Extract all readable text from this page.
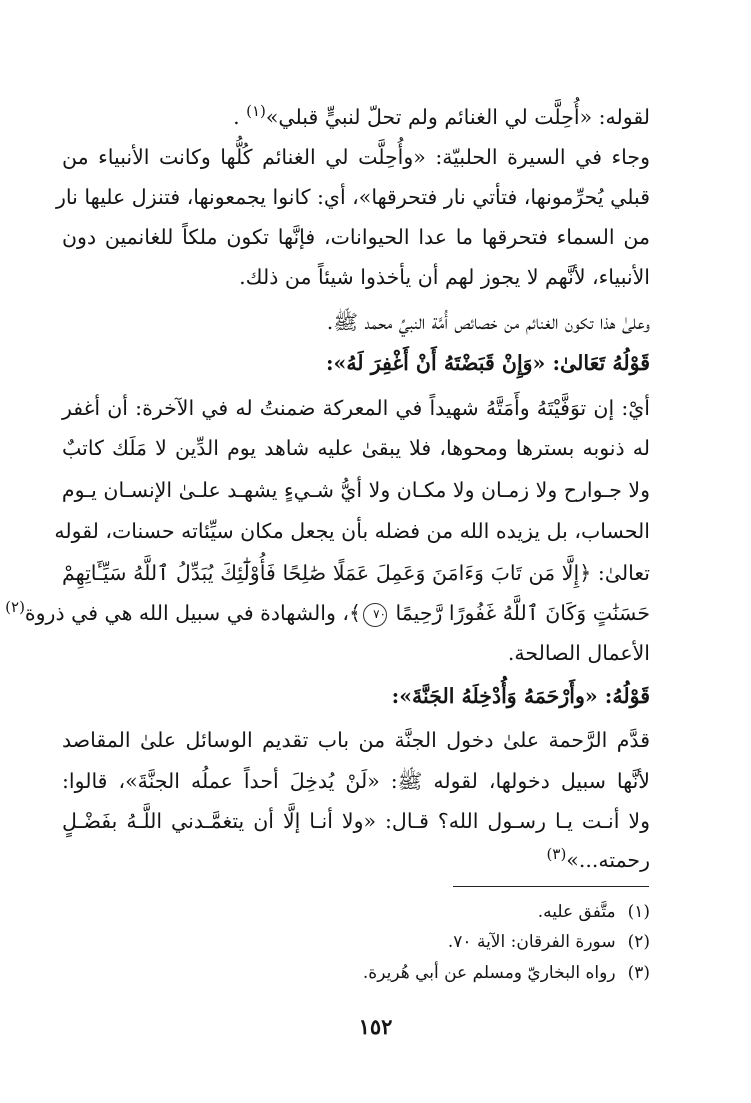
لقوله: «أُحِلَّت لي الغنائم ولم تحلّ لنبيٍّ قبلي»$^{(١)}$ .
وجاء في السيرة الحلبيّة: «وأُحِلَّت لي الغنائم كُلُّها وكانت الأنبياء من
قبلي يُحرِّمونها، فتأتي نار فتحرقها»، أي: كانوا يجمعونها، فتنزل عليها نار
من السماء فتحرقها ما عدا الحيوانات، فإنَّها تكون ملكاً للغانمين دون
الأنبياء، لأنَّهم لا يجوز لهم أن يأخذوا شيئاً من ذلك.
وعلىٰ هذا تكون الغنائم من خصائص أُمَّة النبيِّ محمد ﷺ.
قَوْلُهُ تَعَالىٰ: «وَإِنْ قَبَضْتَهُ أَنْ أَغْفِرَ لَهُ»:
أيْ: إن توَفَّيْتَهُ وأَمَتَّهُ شهيداً في المعركة ضمنتُ له في الآخرة: أن أغفر
له ذنوبه بسترها ومحوها، فلا يبقىٰ عليه شاهد يوم الدِّين لا مَلَك كاتبٌ
ولا جـوارح ولا زمـان ولا مكـان ولا أيُّ شـيءٍ يشهـد علـىٰ الإنسـان يـوم
الحساب، بل يزيده الله من فضله بأن يجعل مكان سيِّئاته حسنات، لقوله
تعالىٰ: ﴿إِلَّا مَن تَابَ وَءَامَنَ وَعَمِلَ عَمَلًا صَٰلِحًا فَأُوْلَٰٓئِكَ يُبَدِّلُ ٱللَّهُ سَيِّـَٔاتِهِمْ
حَسَنَٰتٍ وَكَانَ ٱللَّهُ غَفُورًا رَّحِيمًا ٧٠﴾، والشهادة في سبيل الله هي في ذروة$^{(٢)}$
الأعمال الصالحة.
قَوْلُهُ: «وأَرْحَمَهُ وَأُدْخِلَهُ الجَنَّةَ»:
قدَّم الرَّحمة علىٰ دخول الجنَّة من باب تقديم الوسائل علىٰ المقاصد
لأنَّها سبيل دخولها، لقوله ﷺ: «لَنْ يُدخِلَ أحداً عملُه الجنَّةَ»، قالوا:
ولا أنـت يـا رسـول الله؟ قـال: «ولا أنـا إلَّا أن يتغمَّـدني اللَّـهُ بفَضْـلٍ
رحمته...»$^{(٣)}$
(١)متَّفق عليه.
(٢)سورة الفرقان: الآية ٧٠.
(٣)رواه البخاريّ ومسلم عن أبي هُريرة.
١٥٢
